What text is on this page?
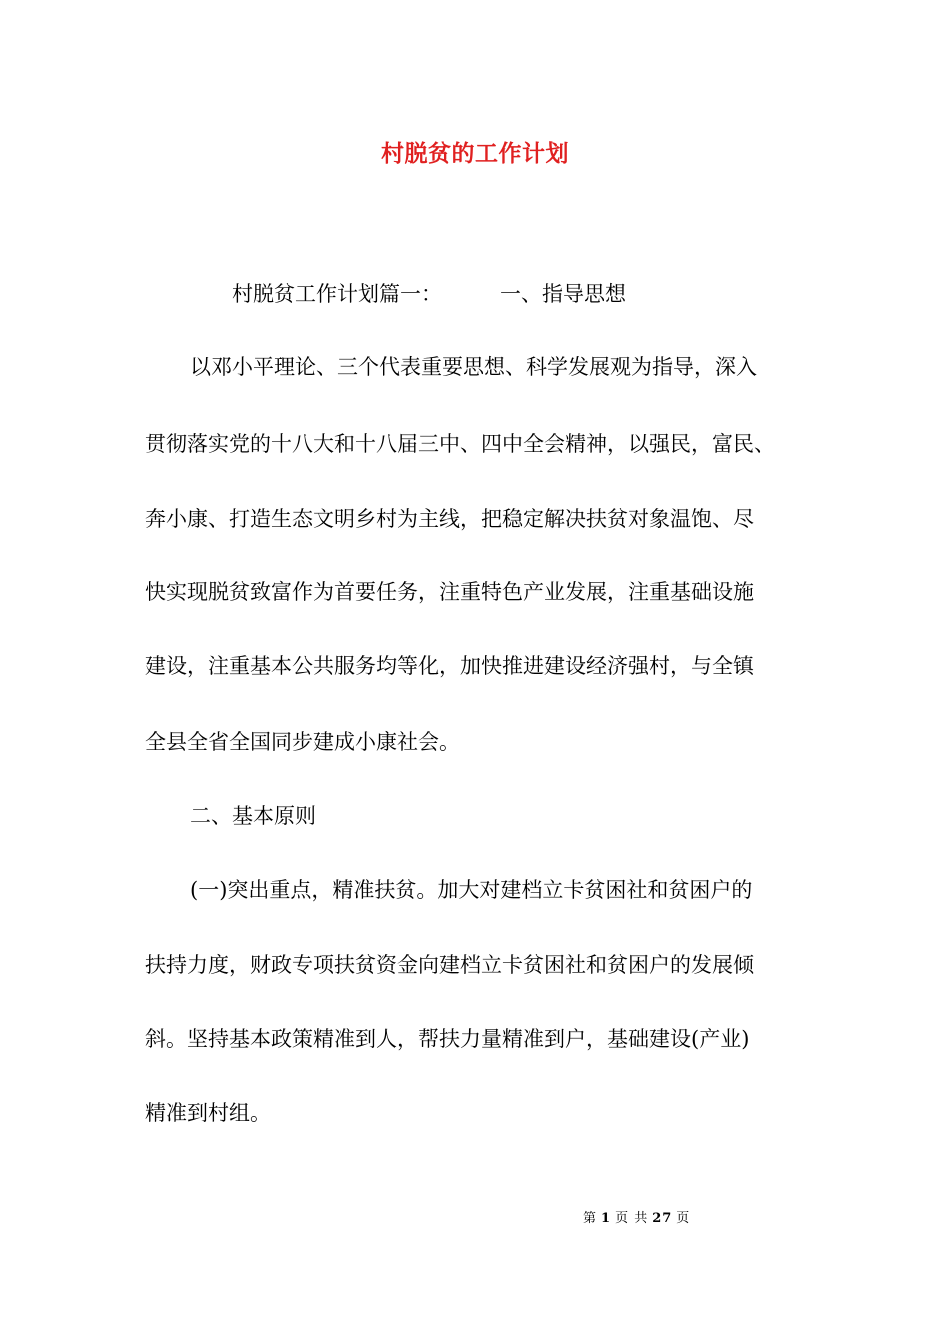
村脱贫的工作计划
村脱贫工作计划篇一：	一、指导思想
以邓小平理论、三个代表重要思想、科学发展观为指导，深入
贯彻落实党的十八大和十八届三中、四中全会精神，以强民，富民、
奔小康、打造生态文明乡村为主线，把稳定解决扶贫对象温饱、尽
快实现脱贫致富作为首要任务，注重特色产业发展，注重基础设施
建设，注重基本公共服务均等化，加快推进建设经济强村，与全镇
全县全省全国同步建成小康社会。
二、基本原则
(一)突出重点，精准扶贫。加大对建档立卡贫困社和贫困户的
扶持力度，财政专项扶贫资金向建档立卡贫困社和贫困户的发展倾
斜。坚持基本政策精准到人，帮扶力量精准到户，基础建设(产业)
精准到村组。
第 1 页 共 27 页
